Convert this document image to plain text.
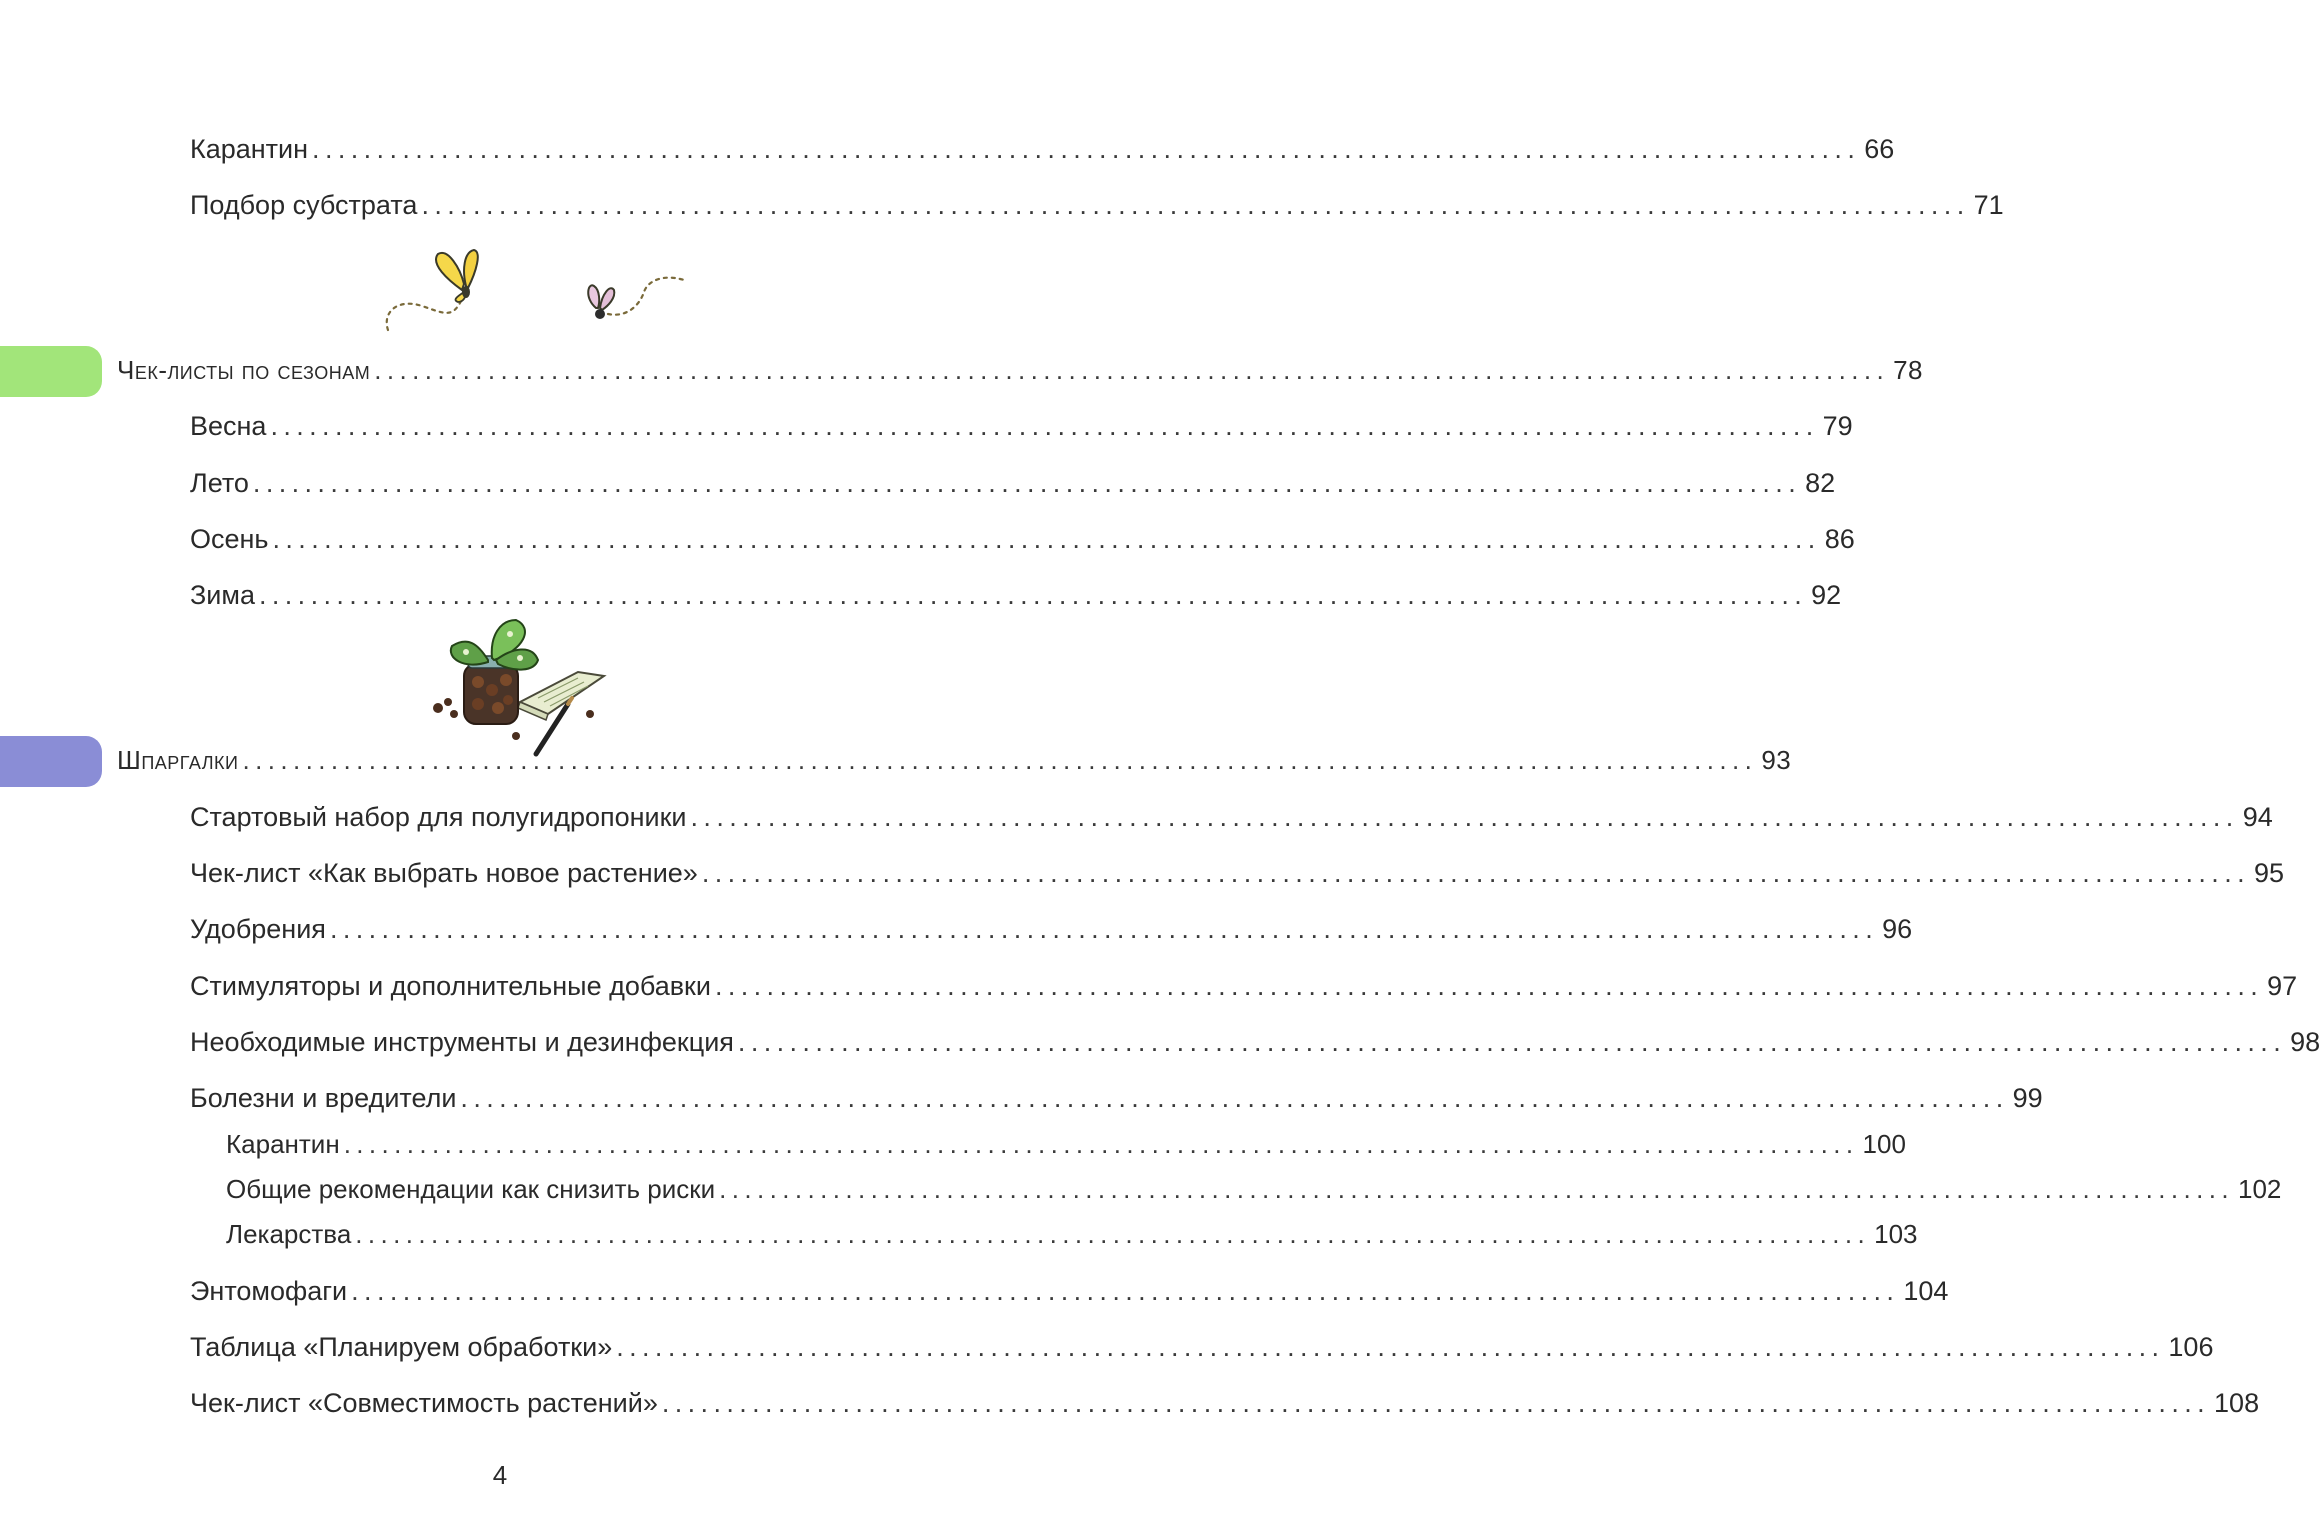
Карантин ........................................................................................................................ 66
Подбор субстрата ........................................................................................................................ 71
Чек-листы по сезонам ........................................................................................................................ 78
Весна ........................................................................................................................ 79
Лето ........................................................................................................................ 82
Осень ........................................................................................................................ 86
Зима ........................................................................................................................ 92
Шпаргалки ........................................................................................................................ 93
Стартовый набор для полугидропоники ........................................................................................................................ 94
Чек-лист «Как выбрать новое растение» ........................................................................................................................ 95
Удобрения ........................................................................................................................ 96
Стимуляторы и дополнительные добавки ........................................................................................................................ 97
Необходимые инструменты и дезинфекция ........................................................................................................................ 98
Болезни и вредители ........................................................................................................................ 99
Карантин ........................................................................................................................ 100
Общие рекомендации как снизить риски ........................................................................................................................ 102
Лекарства ........................................................................................................................ 103
Энтомофаги ........................................................................................................................ 104
Таблица «Планируем обработки» ........................................................................................................................ 106
Чек-лист «Совместимость растений» ........................................................................................................................ 108
4
